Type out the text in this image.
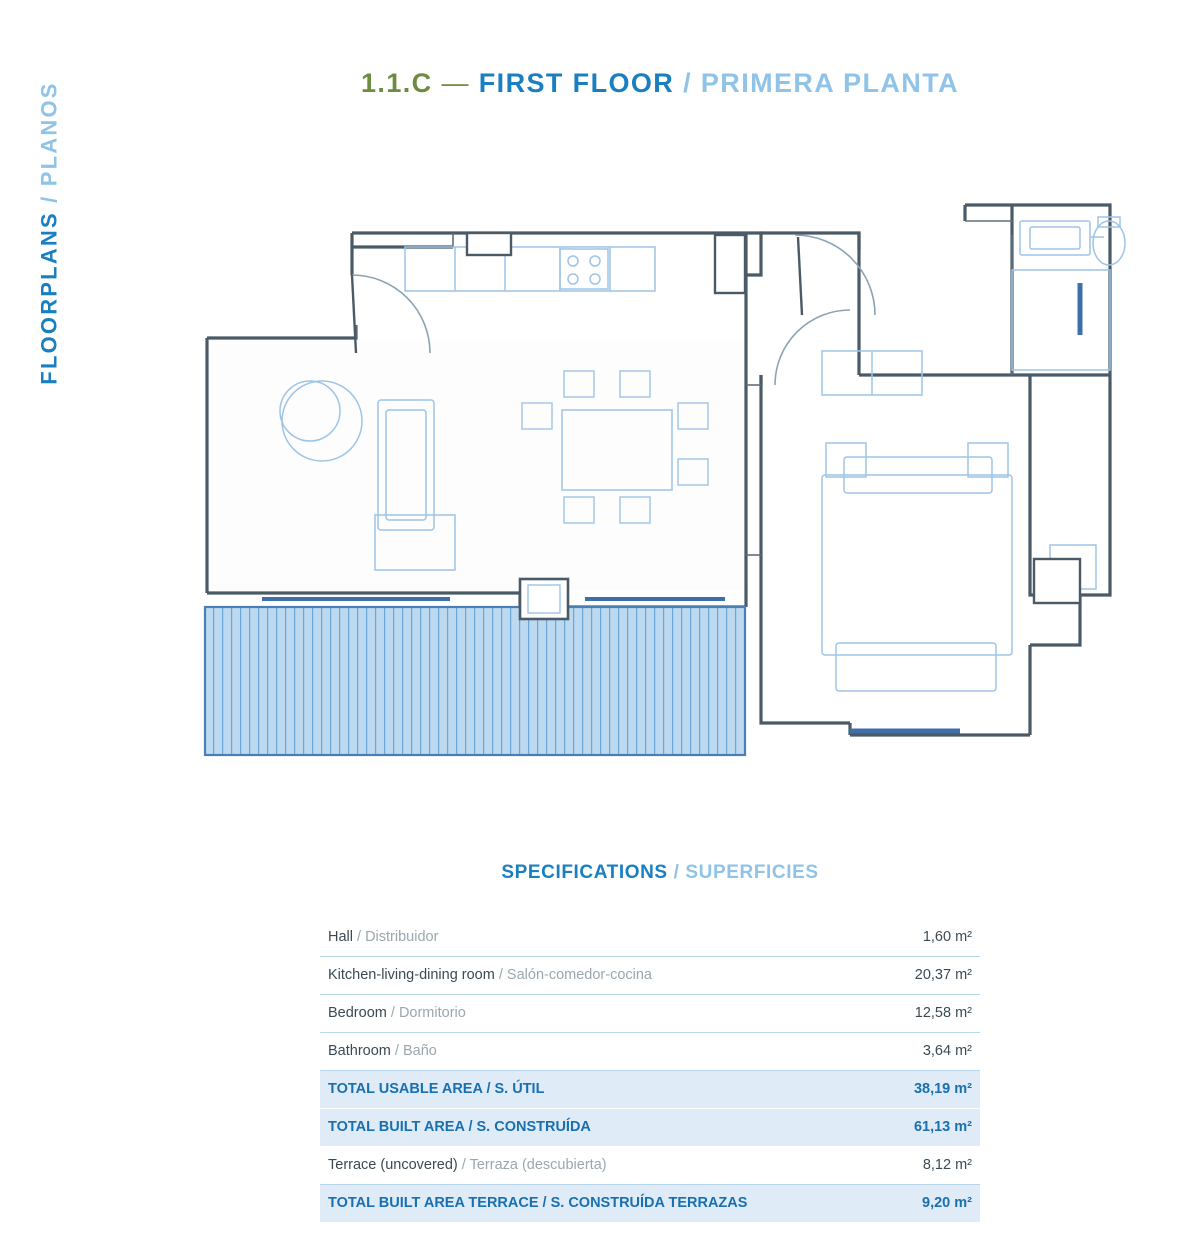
FLOORPLANS / PLANOS	1.1.C — FIRST FLOOR / PRIMERA PLANTA
SPECIFICATIONS / SUPERFICIES
Hall / Distribuidor	1,60 m²
Kitchen-living-dining room / Salón-comedor-cocina	20,37 m²
Bedroom / Dormitorio	12,58 m²
Bathroom / Baño	3,64 m²
TOTAL USABLE AREA / S. ÚTIL	38,19 m²
TOTAL BUILT AREA / S. CONSTRUÍDA	61,13 m²
Terrace (uncovered) / Terraza (descubierta)	8,12 m²
TOTAL BUILT AREA TERRACE / S. CONSTRUÍDA TERRAZAS	9,20 m²
